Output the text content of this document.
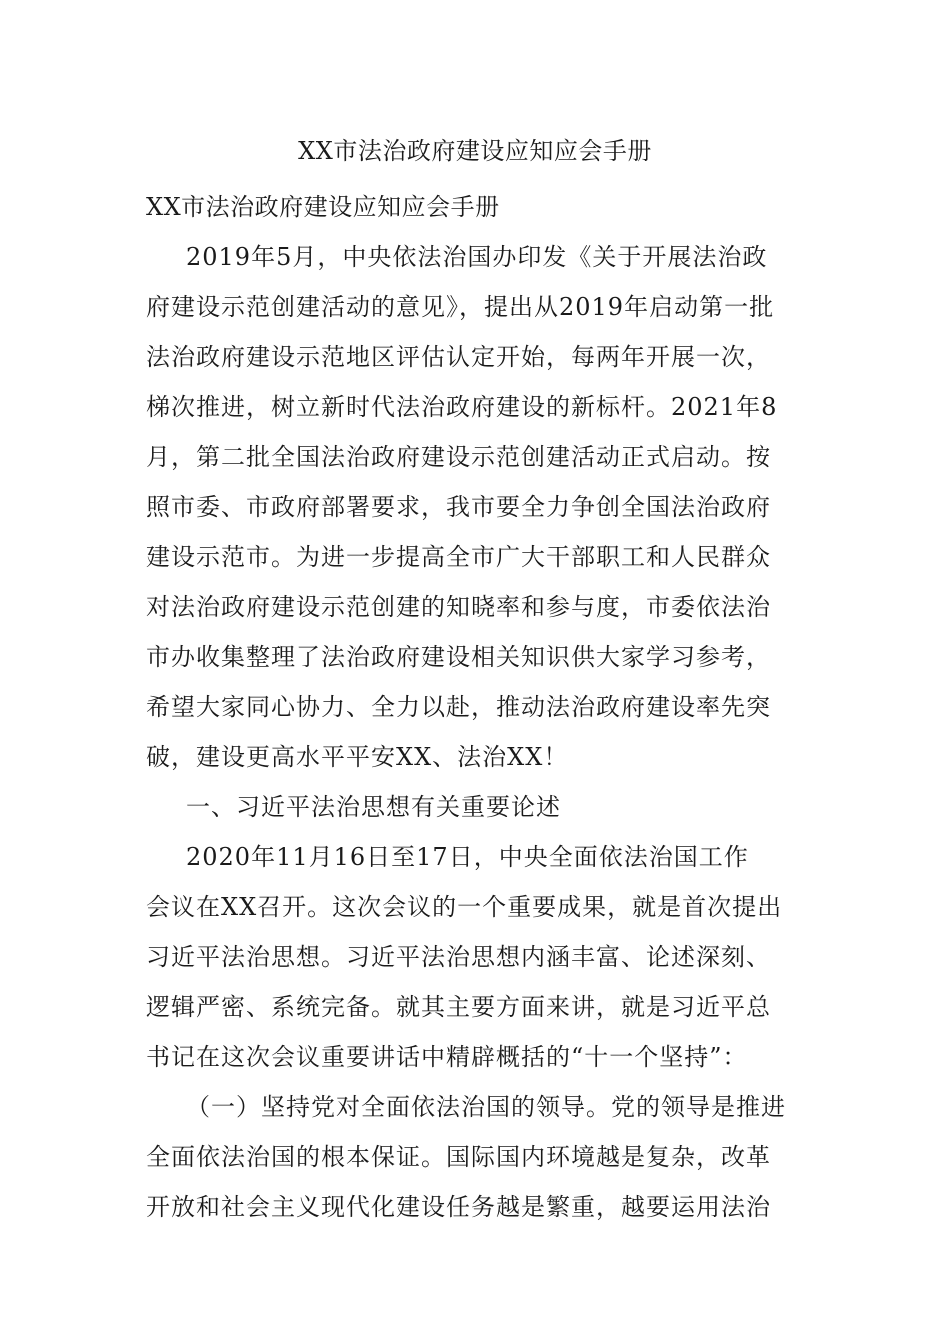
XX市法治政府建设应知应会手册
XX市法治政府建设应知应会手册
2019年5月，中央依法治国办印发《关于开展法治政
府建设示范创建活动的意见》，提出从2019年启动第一批
法治政府建设示范地区评估认定开始，每两年开展一次，
梯次推进，树立新时代法治政府建设的新标杆。2021年8
月，第二批全国法治政府建设示范创建活动正式启动。按
照市委、市政府部署要求，我市要全力争创全国法治政府
建设示范市。为进一步提高全市广大干部职工和人民群众
对法治政府建设示范创建的知晓率和参与度，市委依法治
市办收集整理了法治政府建设相关知识供大家学习参考，
希望大家同心协力、全力以赴，推动法治政府建设率先突
破，建设更高水平平安XX、法治XX！
一、习近平法治思想有关重要论述
2020年11月16日至17日，中央全面依法治国工作
会议在XX召开。这次会议的一个重要成果，就是首次提出
习近平法治思想。习近平法治思想内涵丰富、论述深刻、
逻辑严密、系统完备。就其主要方面来讲，就是习近平总
书记在这次会议重要讲话中精辟概括的“十一个坚持”：
（一）坚持党对全面依法治国的领导。党的领导是推进
全面依法治国的根本保证。国际国内环境越是复杂，改革
开放和社会主义现代化建设任务越是繁重，越要运用法治
